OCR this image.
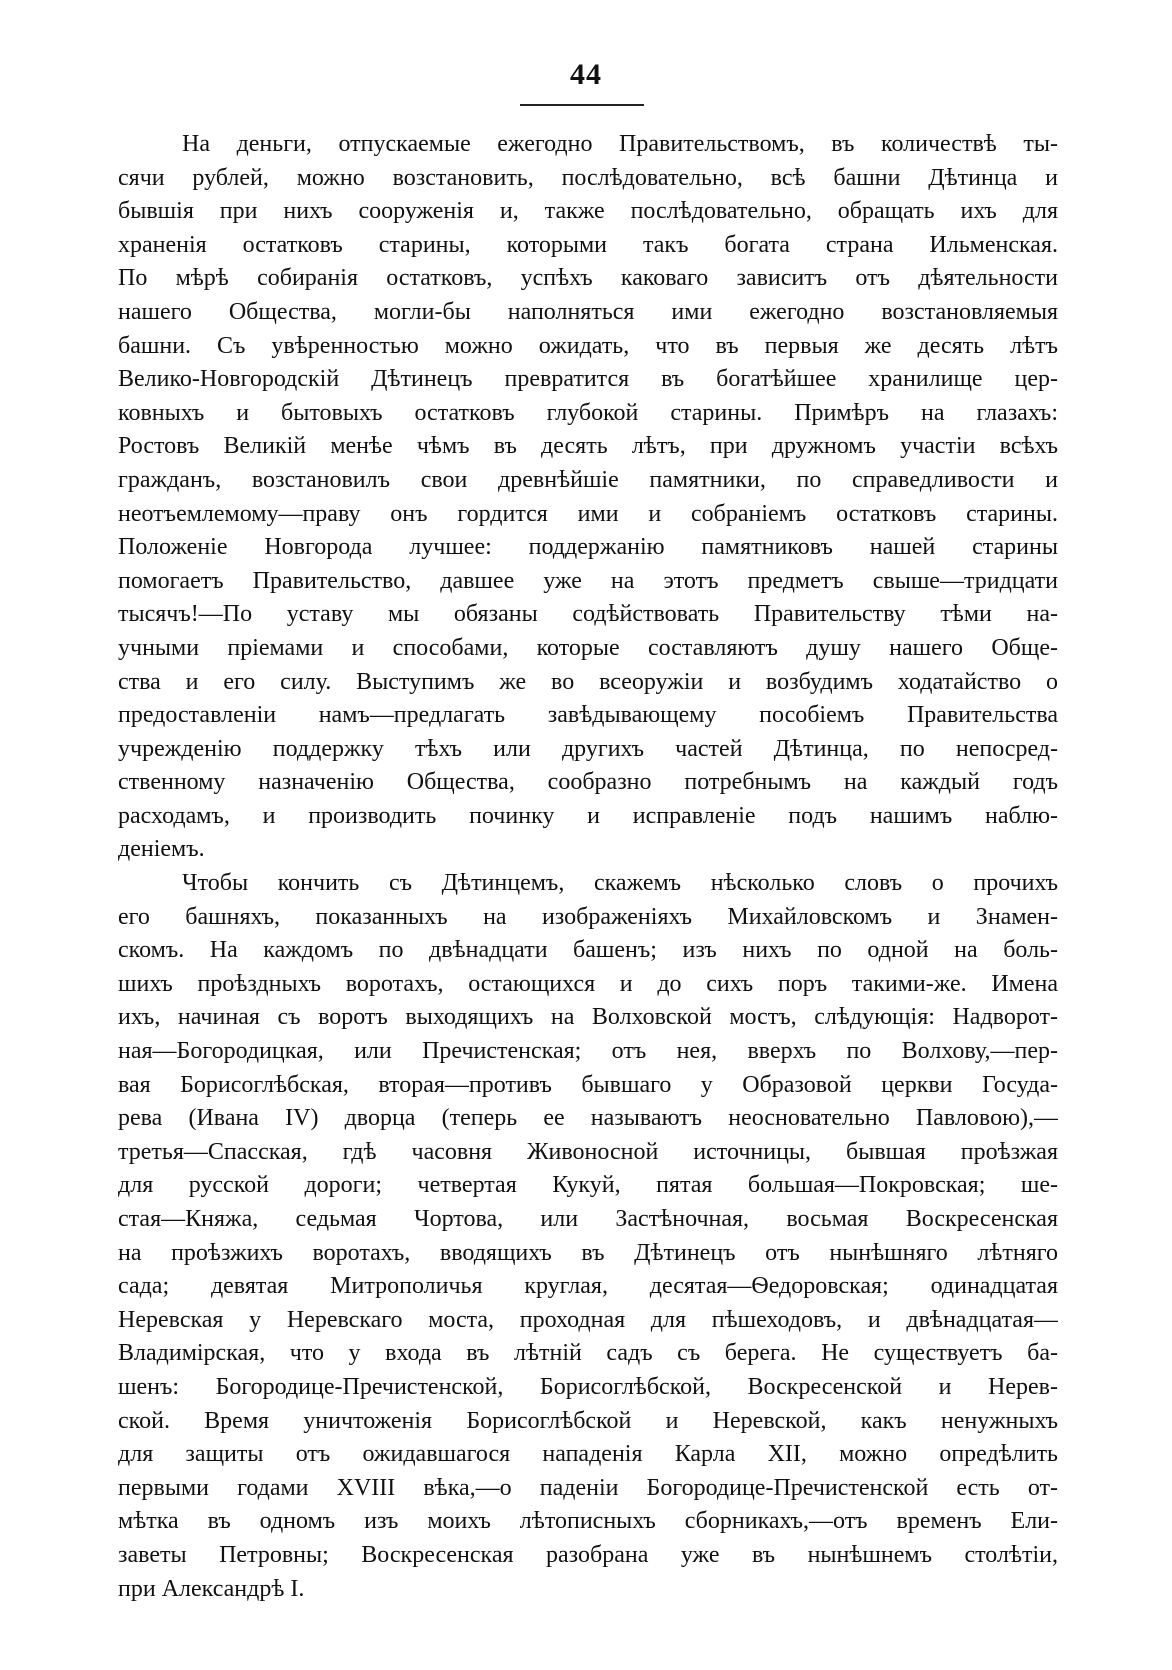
44
На деньги, отпускаемые ежегодно Правительствомъ, въ количествѣ ты-
сячи рублей, можно возстановить, послѣдовательно, всѣ башни Дѣтинца и
бывшія при нихъ сооруженія и, также послѣдовательно, обращать ихъ для
храненія остатковъ старины, которыми такъ богата страна Ильменская.
По мѣрѣ собиранія остатковъ, успѣхъ каковаго зависитъ отъ дѣятельности
нашего Общества, могли-бы наполняться ими ежегодно возстановляемыя
башни. Съ увѣренностью можно ожидать, что въ первыя же десять лѣтъ
Велико-Новгородскій Дѣтинецъ превратится въ богатѣйшее хранилище цер-
ковныхъ и бытовыхъ остатковъ глубокой старины. Примѣръ на глазахъ:
Ростовъ Великій менѣе чѣмъ въ десять лѣтъ, при дружномъ участіи всѣхъ
гражданъ, возстановилъ свои древнѣйшіе памятники, по справедливости и
неотъемлемому—праву онъ гордится ими и собраніемъ остатковъ старины.
Положеніе Новгорода лучшее: поддержанію памятниковъ нашей старины
помогаетъ Правительство, давшее уже на этотъ предметъ свыше—тридцати
тысячъ!—По уставу мы обязаны содѣйствовать Правительству тѣми на-
учными пріемами и способами, которые составляютъ душу нашего Обще-
ства и его силу. Выступимъ же во всеоружіи и возбудимъ ходатайство о
предоставленіи намъ—предлагать завѣдывающему пособіемъ Правительства
учрежденію поддержку тѣхъ или другихъ частей Дѣтинца, по непосред-
ственному назначенію Общества, сообразно потребнымъ на каждый годъ
расходамъ, и производить починку и исправленіе подъ нашимъ наблю-
деніемъ.
Чтобы кончить съ Дѣтинцемъ, скажемъ нѣсколько словъ о прочихъ
его башняхъ, показанныхъ на изображеніяхъ Михайловскомъ и Знамен-
скомъ. На каждомъ по двѣнадцати башенъ; изъ нихъ по одной на боль-
шихъ проѣздныхъ воротахъ, остающихся и до сихъ поръ такими-же. Имена
ихъ, начиная съ воротъ выходящихъ на Волховской мостъ, слѣдующія: Надворот-
ная—Богородицкая, или Пречистенская; отъ нея, вверхъ по Волхову,—пер-
вая Борисоглѣбская, вторая—противъ бывшаго у Образовой церкви Госуда-
рева (Ивана IV) дворца (теперь ее называютъ неосновательно Павловою),—
третья—Спасская, гдѣ часовня Живоносной источницы, бывшая проѣзжая
для русской дороги; четвертая Кукуй, пятая большая—Покровская; ше-
стая—Княжа, седьмая Чортова, или Застѣночная, восьмая Воскресенская
на проѣзжихъ воротахъ, вводящихъ въ Дѣтинецъ отъ нынѣшняго лѣтняго
сада; девятая Митрополичья круглая, десятая—Ѳедоровская; одинадцатая
Неревская у Неревскаго моста, проходная для пѣшеходовъ, и двѣнадцатая—
Владимірская, что у входа въ лѣтній садъ съ берега. Не существуетъ ба-
шенъ: Богородице-Пречистенской, Борисоглѣбской, Воскресенской и Нерев-
ской. Время уничтоженія Борисоглѣбской и Неревской, какъ ненужныхъ
для защиты отъ ожидавшагося нападенія Карла XII, можно опредѣлить
первыми годами XVIII вѣка,—о паденіи Богородице-Пречистенской есть от-
мѣтка въ одномъ изъ моихъ лѣтописныхъ сборникахъ,—отъ временъ Ели-
заветы Петровны; Воскресенская разобрана уже въ нынѣшнемъ столѣтіи,
при Александрѣ I.
